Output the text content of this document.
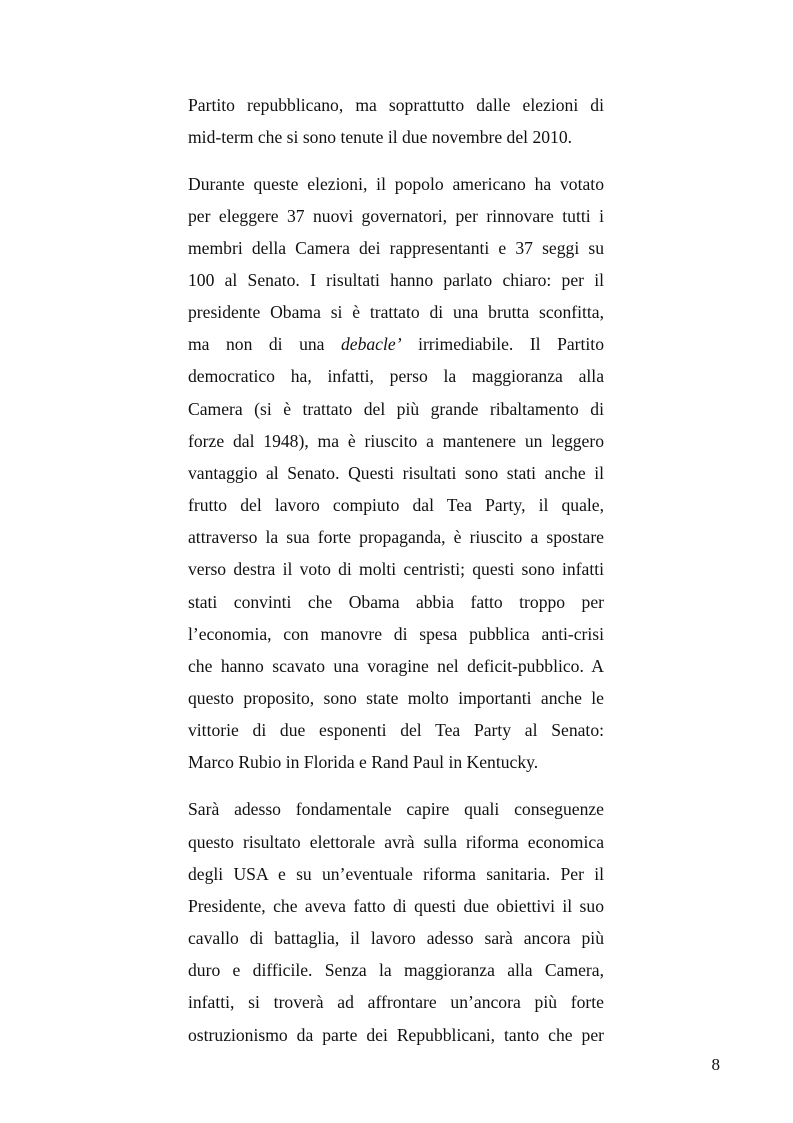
Partito repubblicano, ma soprattutto dalle elezioni di
mid-term che si sono tenute il due novembre del 2010.
Durante queste elezioni, il popolo americano ha votato
per eleggere 37 nuovi governatori, per rinnovare tutti i
membri della Camera dei rappresentanti e 37 seggi su
100 al Senato. I risultati hanno parlato chiaro: per il
presidente Obama si è trattato di una brutta sconfitta,
ma non di una debacle’ irrimediabile. Il Partito
democratico ha, infatti, perso la maggioranza alla
Camera (si è trattato del più grande ribaltamento di
forze dal 1948), ma è riuscito a mantenere un leggero
vantaggio al Senato. Questi risultati sono stati anche il
frutto del lavoro compiuto dal Tea Party, il quale,
attraverso la sua forte propaganda, è riuscito a spostare
verso destra il voto di molti centristi; questi sono infatti
stati convinti che Obama abbia fatto troppo per
l’economia, con manovre di spesa pubblica anti-crisi
che hanno scavato una voragine nel deficit-pubblico. A
questo proposito, sono state molto importanti anche le
vittorie di due esponenti del Tea Party al Senato:
Marco Rubio in Florida e Rand Paul in Kentucky.
Sarà adesso fondamentale capire quali conseguenze
questo risultato elettorale avrà sulla riforma economica
degli USA e su un’eventuale riforma sanitaria. Per il
Presidente, che aveva fatto di questi due obiettivi il suo
cavallo di battaglia, il lavoro adesso sarà ancora più
duro e difficile. Senza la maggioranza alla Camera,
infatti, si troverà ad affrontare un’ancora più forte
ostruzionismo da parte dei Repubblicani, tanto che per
8
